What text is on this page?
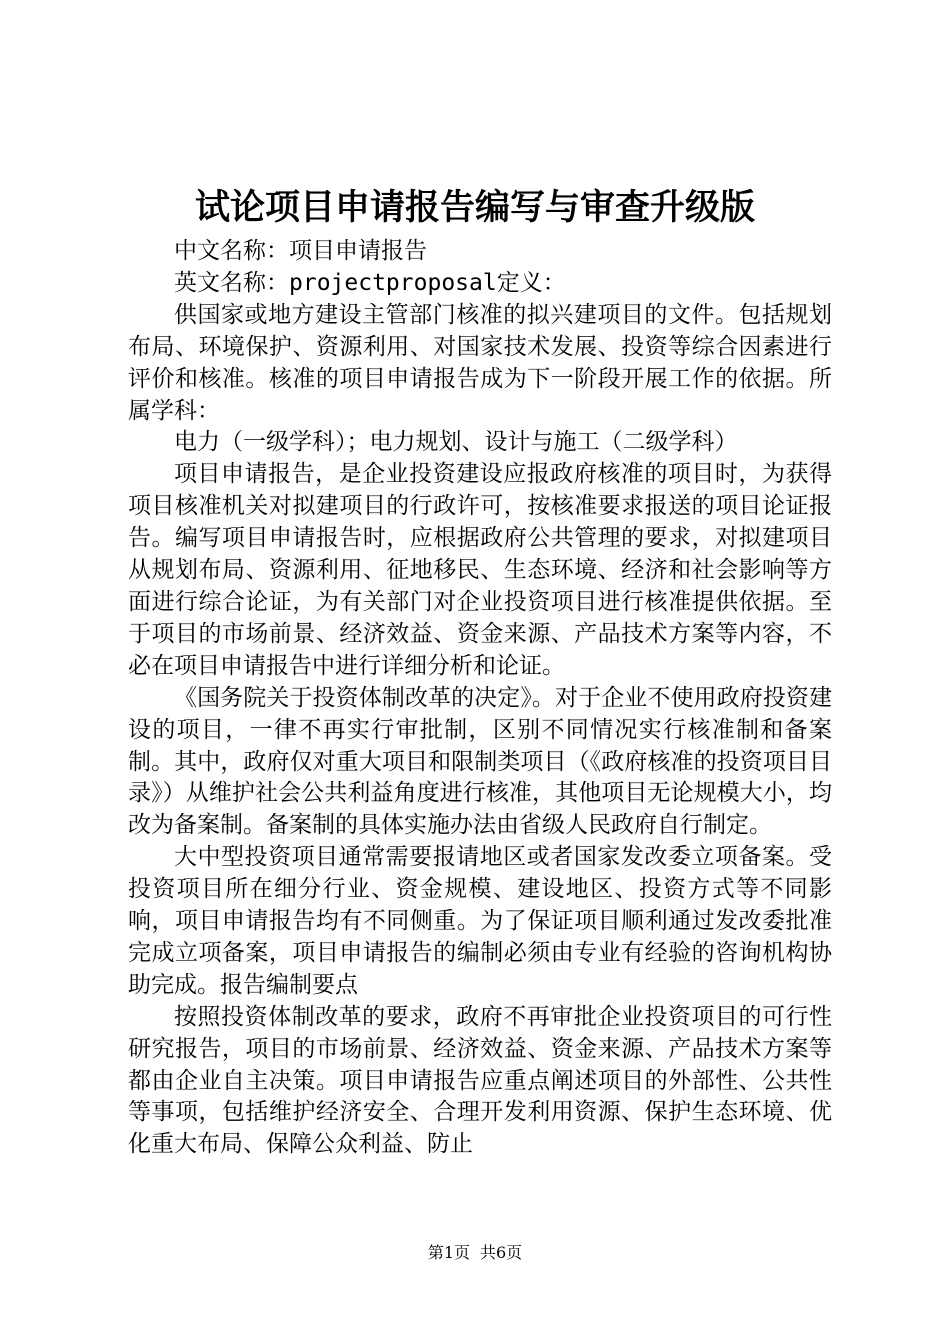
试论项目申请报告编写与审查升级版

中文名称：项目申请报告

英文名称：projectproposal定义：

供国家或地方建设主管部门核准的拟兴建项目的文件。包括规划布局、环境保护、资源利用、对国家技术发展、投资等综合因素进行评价和核准。核准的项目申请报告成为下一阶段开展工作的依据。所属学科：

电力（一级学科）；电力规划、设计与施工（二级学科）

项目申请报告，是企业投资建设应报政府核准的项目时，为获得项目核准机关对拟建项目的行政许可，按核准要求报送的项目论证报告。编写项目申请报告时，应根据政府公共管理的要求，对拟建项目从规划布局、资源利用、征地移民、生态环境、经济和社会影响等方面进行综合论证，为有关部门对企业投资项目进行核准提供依据。至于项目的市场前景、经济效益、资金来源、产品技术方案等内容，不必在项目申请报告中进行详细分析和论证。

《国务院关于投资体制改革的决定》。对于企业不使用政府投资建设的项目，一律不再实行审批制，区别不同情况实行核准制和备案制。其中，政府仅对重大项目和限制类项目（《政府核准的投资项目目录》）从维护社会公共利益角度进行核准，其他项目无论规模大小，均改为备案制。备案制的具体实施办法由省级人民政府自行制定。

大中型投资项目通常需要报请地区或者国家发改委立项备案。受投资项目所在细分行业、资金规模、建设地区、投资方式等不同影响，项目申请报告均有不同侧重。为了保证项目顺利通过发改委批准完成立项备案，项目申请报告的编制必须由专业有经验的咨询机构协助完成。报告编制要点

按照投资体制改革的要求，政府不再审批企业投资项目的可行性研究报告，项目的市场前景、经济效益、资金来源、产品技术方案等都由企业自主决策。项目申请报告应重点阐述项目的外部性、公共性等事项，包括维护经济安全、合理开发利用资源、保护生态环境、优化重大布局、保障公众利益、防止

第1页 共6页
